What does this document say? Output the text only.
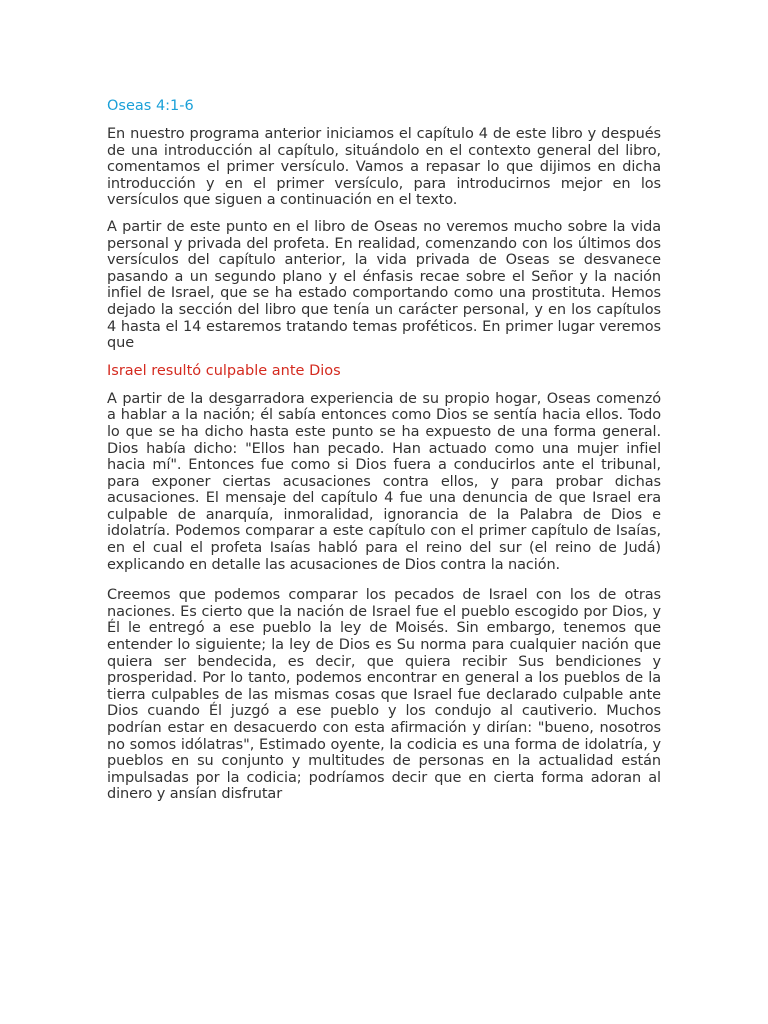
Oseas 4:1-6

En nuestro programa anterior iniciamos el capítulo 4 de este libro y después de una introducción al capítulo, situándolo en el contexto general del libro, comentamos el primer versículo. Vamos a repasar lo que dijimos en dicha introducción y en el primer versículo, para introducirnos mejor en los versículos que siguen a continuación en el texto.

A partir de este punto en el libro de Oseas no veremos mucho sobre la vida personal y privada del profeta. En realidad, comenzando con los últimos dos versículos del capítulo anterior, la vida privada de Oseas se desvanece pasando a un segundo plano y el énfasis recae sobre el Señor y la nación infiel de Israel, que se ha estado comportando como una prostituta. Hemos dejado la sección del libro que tenía un carácter personal, y en los capítulos 4 hasta el 14 estaremos tratando temas proféticos. En primer lugar veremos que

Israel resultó culpable ante Dios

A partir de la desgarradora experiencia de su propio hogar, Oseas comenzó a hablar a la nación; él sabía entonces como Dios se sentía hacia ellos. Todo lo que se ha dicho hasta este punto se ha expuesto de una forma general. Dios había dicho: "Ellos han pecado. Han actuado como una mujer infiel hacia mí". Entonces fue como si Dios fuera a conducirlos ante el tribunal, para exponer ciertas acusaciones contra ellos, y para probar dichas acusaciones. El mensaje del capítulo 4 fue una denuncia de que Israel era culpable de anarquía, inmoralidad, ignorancia de la Palabra de Dios e idolatría. Podemos comparar a este capítulo con el primer capítulo de Isaías, en el cual el profeta Isaías habló para el reino del sur (el reino de Judá) explicando en detalle las acusaciones de Dios contra la nación.

Creemos que podemos comparar los pecados de Israel con los de otras naciones. Es cierto que la nación de Israel fue el pueblo escogido por Dios, y Él le entregó a ese pueblo la ley de Moisés. Sin embargo, tenemos que entender lo siguiente; la ley de Dios es Su norma para cualquier nación que quiera ser bendecida, es decir, que quiera recibir Sus bendiciones y prosperidad. Por lo tanto, podemos encontrar en general a los pueblos de la tierra culpables de las mismas cosas que Israel fue declarado culpable ante Dios cuando Él juzgó a ese pueblo y los condujo al cautiverio. Muchos podrían estar en desacuerdo con esta afirmación y dirían: "bueno, nosotros no somos idólatras", Estimado oyente, la codicia es una forma de idolatría, y pueblos en su conjunto y multitudes de personas en la actualidad están impulsadas por la codicia; podríamos decir que en cierta forma adoran al dinero y ansían disfrutar
